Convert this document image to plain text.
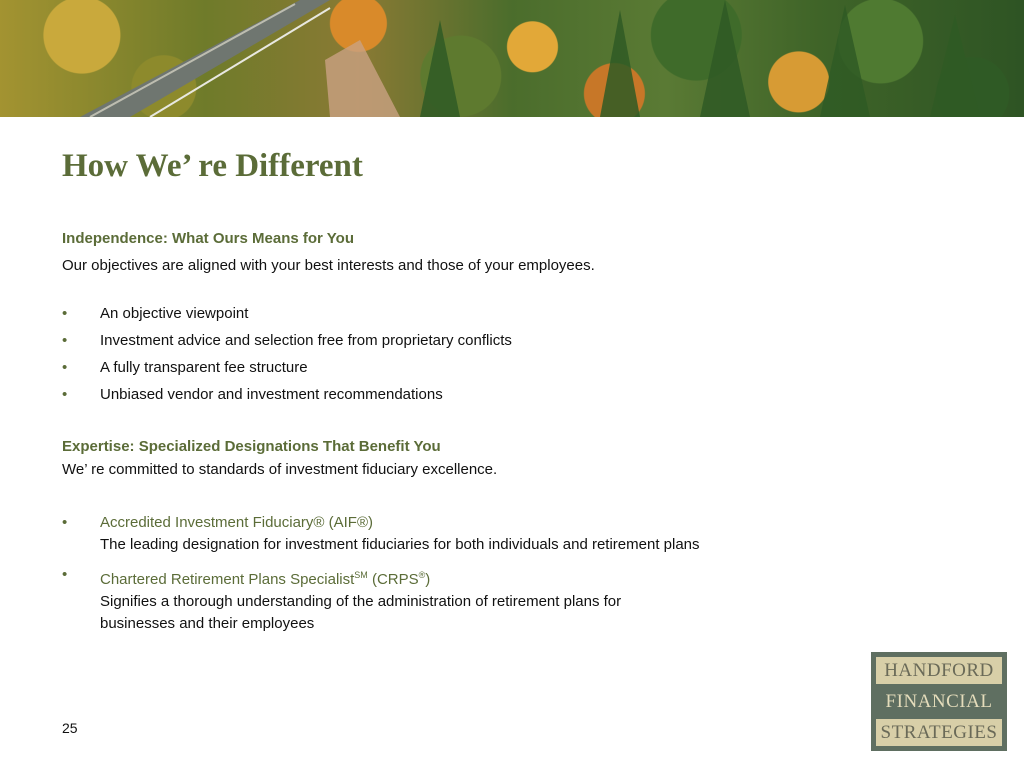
How We’ re Different

Independence: What Ours Means for You

Our objectives are aligned with your best interests and those of your employees.

• An objective viewpoint
• Investment advice and selection free from proprietary conflicts
• A fully transparent fee structure
• Unbiased vendor and investment recommendations

Expertise: Specialized Designations That Benefit You

We’ re committed to standards of investment fiduciary excellence.

• Accredited Investment Fiduciary® (AIF®)
The leading designation for investment fiduciaries for both individuals and retirement plans
• Chartered Retirement Plans Specialist℠ (CRPS®)
Signifies a thorough understanding of the administration of retirement plans for
businesses and their employees
25
HANDFORD
FINANCIAL
STRATEGIES
